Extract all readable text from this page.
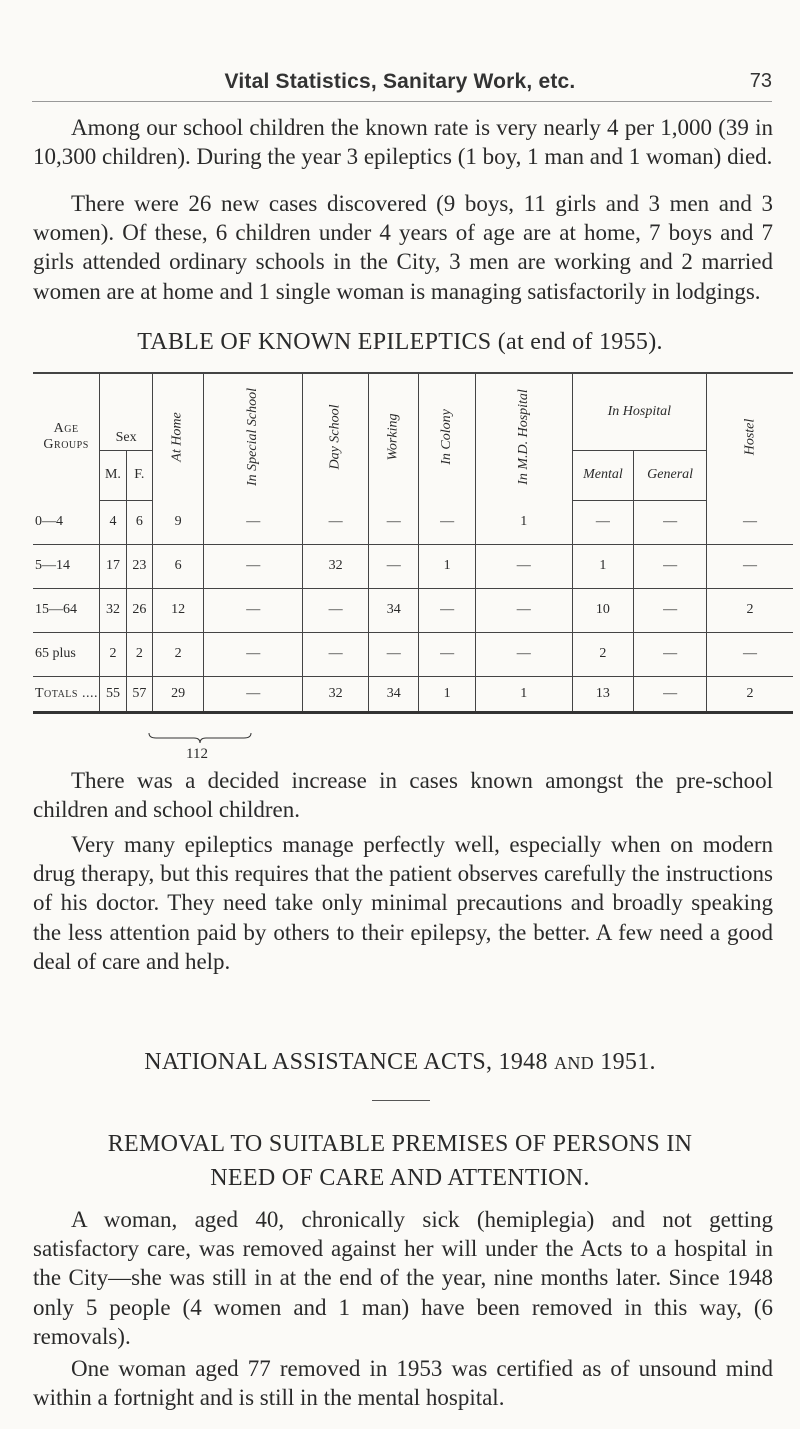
Vital Statistics, Sanitary Work, etc.	73

Among our school children the known rate is very nearly 4 per 1,000 (39 in 10,300 children). During the year 3 epileptics (1 boy, 1 man and 1 woman) died.

There were 26 new cases discovered (9 boys, 11 girls and 3 men and 3 women). Of these, 6 children under 4 years of age are at home, 7 boys and 7 girls attended ordinary schools in the City, 3 men are working and 2 married women are at home and 1 single woman is managing satisfactorily in lodgings.

TABLE OF KNOWN EPILEPTICS (at end of 1955).
Age Groups	Sex		At Home	In Special School	Day School	Working	In Colony	In M.D. Hospital	In Hospital		Hostel
	M.	F.							Mental	General	
0—4	4	6	9	—	—	—	—	1	—	—	—
5—14	17	23	6	—	32	—	1	—	1	—	—
15—64	32	26	12	—	—	34	—	—	10	—	2
65 plus	2	2	2	—	—	—	—	—	2	—	—
Totals ....	55	57	29	—	32	34	1	1	13	—	2
112

There was a decided increase in cases known amongst the pre-school children and school children.

Very many epileptics manage perfectly well, especially when on modern drug therapy, but this requires that the patient observes carefully the instructions of his doctor. They need take only minimal precautions and broadly speaking the less attention paid by others to their epilepsy, the better. A few need a good deal of care and help.

NATIONAL ASSISTANCE ACTS, 1948 AND 1951.
REMOVAL TO SUITABLE PREMISES OF PERSONS IN
NEED OF CARE AND ATTENTION.

A woman, aged 40, chronically sick (hemiplegia) and not getting satisfactory care, was removed against her will under the Acts to a hospital in the City—she was still in at the end of the year, nine months later. Since 1948 only 5 people (4 women and 1 man) have been removed in this way, (6 removals).

One woman aged 77 removed in 1953 was certified as of unsound mind within a fortnight and is still in the mental hospital.
